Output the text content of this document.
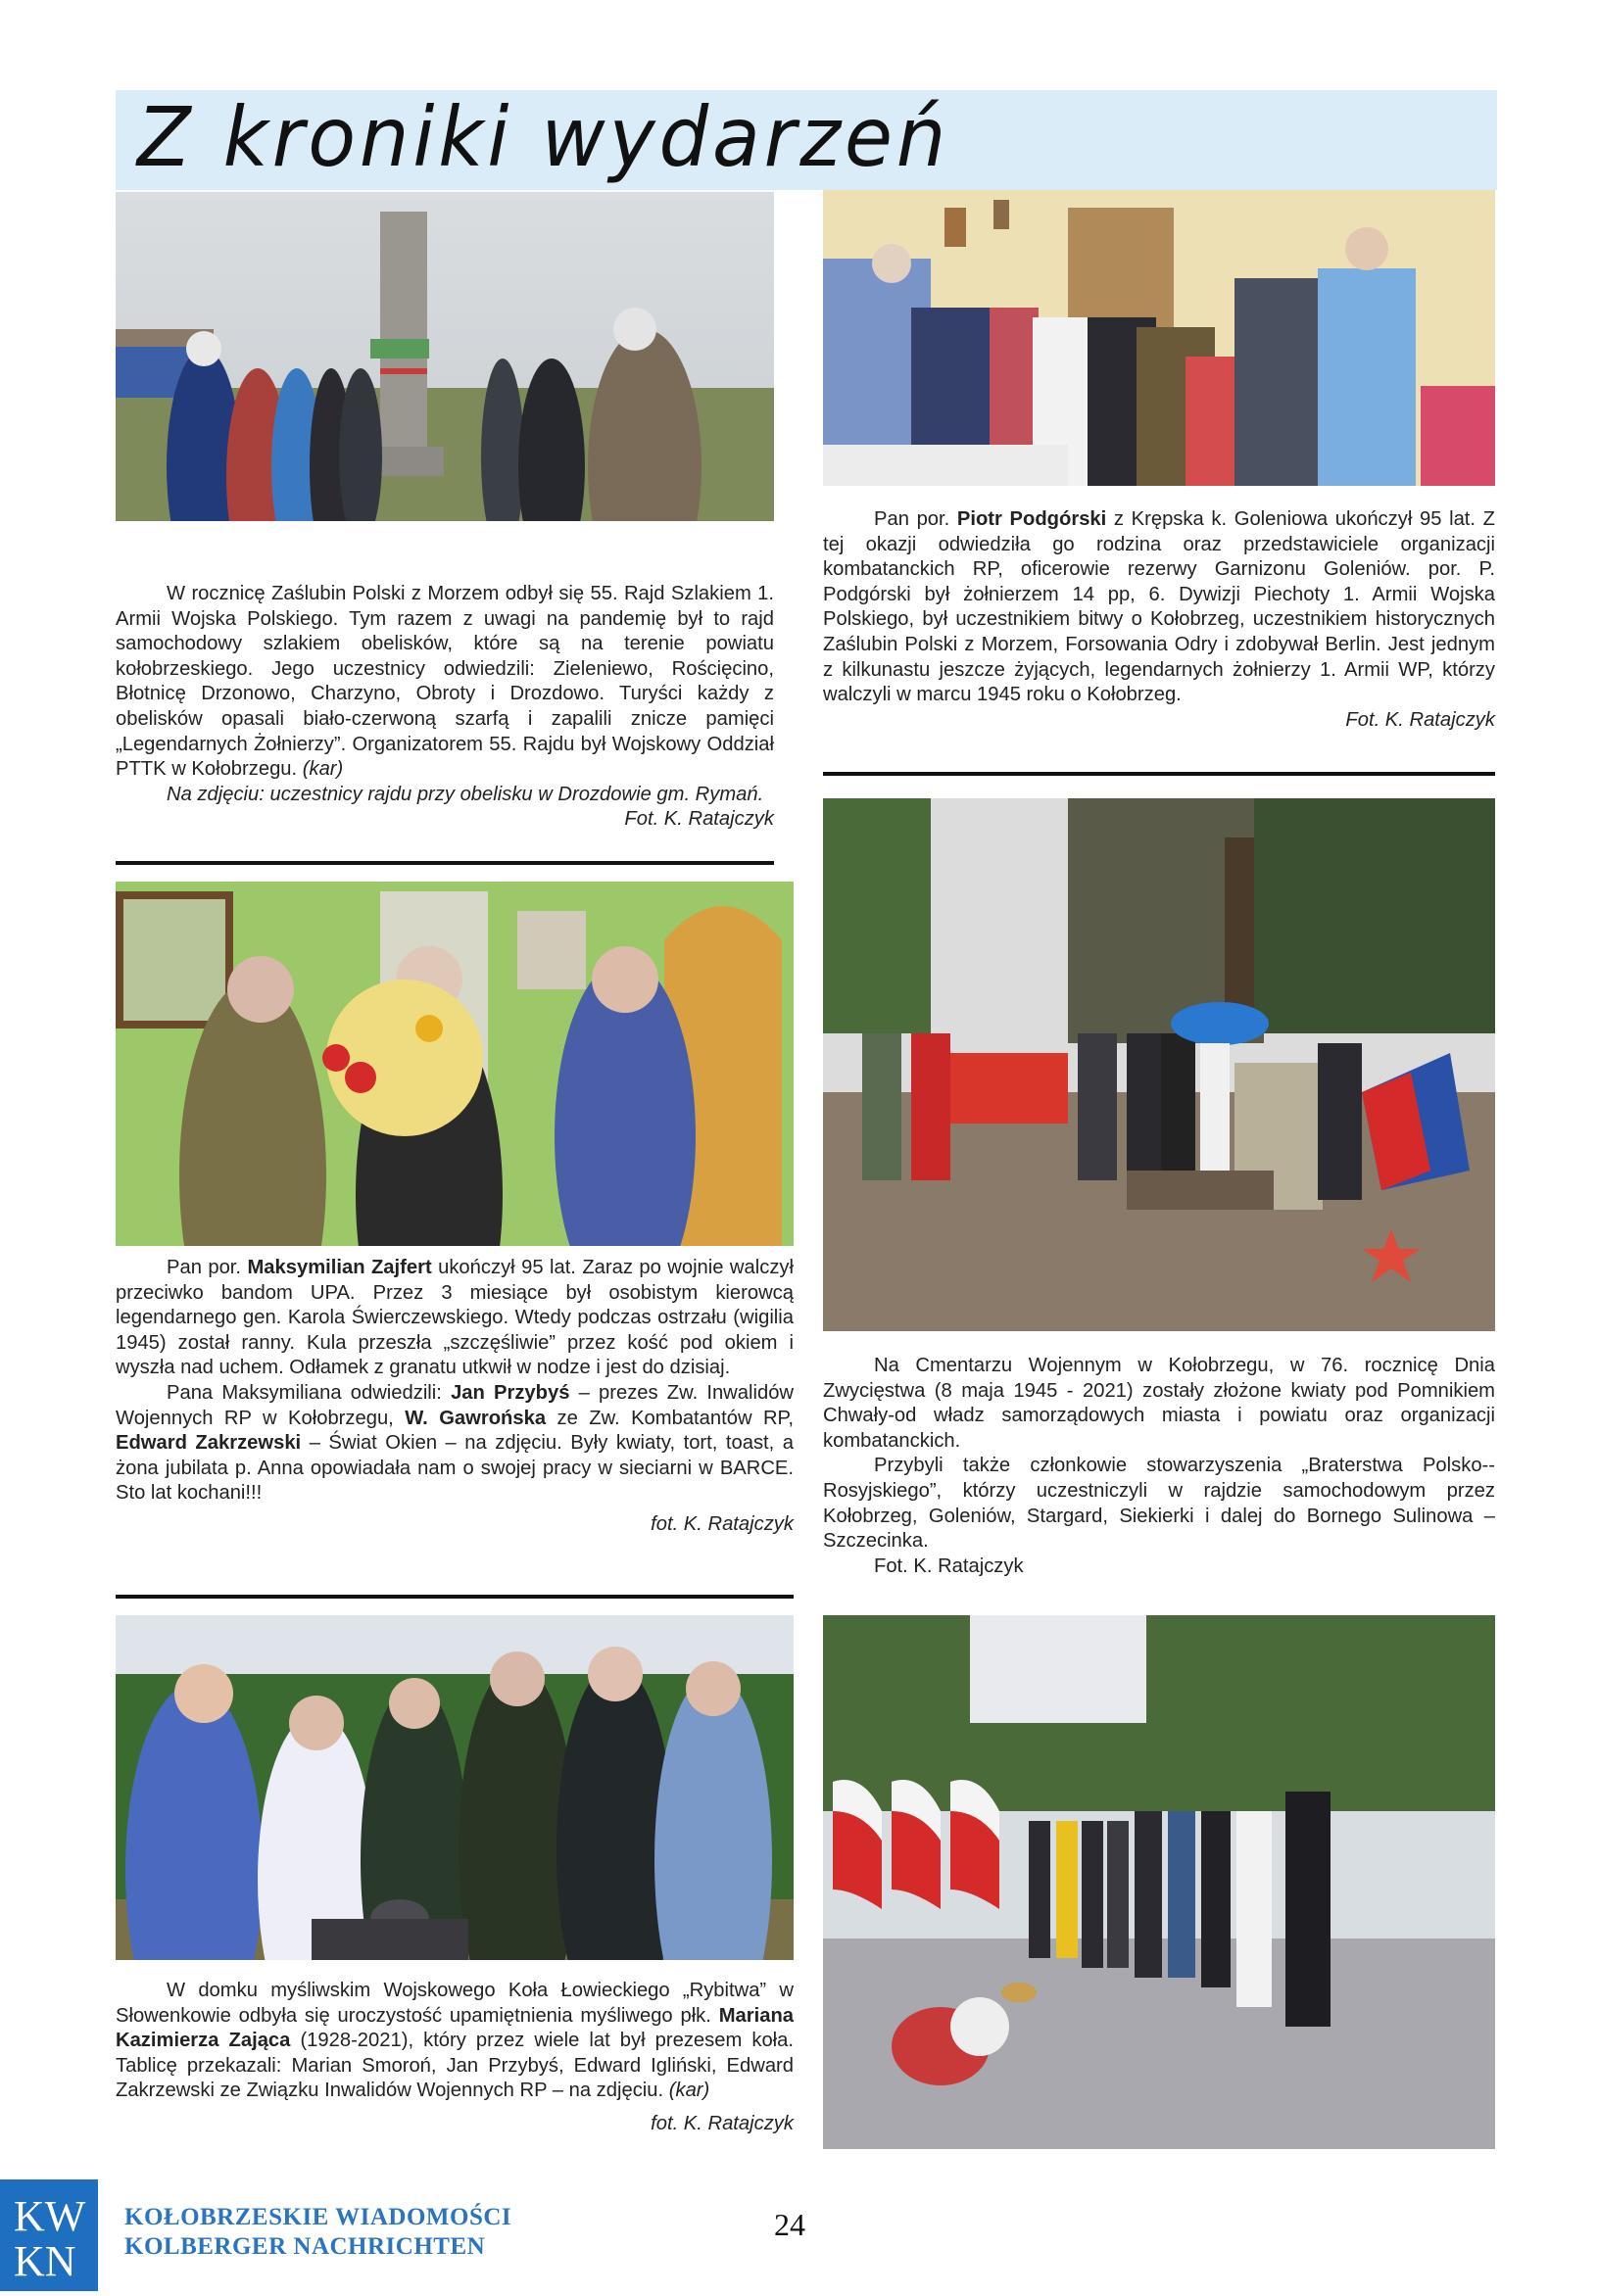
Z kroniki wydarzeń

W rocznicę Zaślubin Polski z Morzem odbył się 55. Rajd Szlakiem 1. Armii Wojska Polskiego. Tym razem z uwagi na pandemię był to rajd samochodowy szlakiem obelisków, które są na terenie powiatu kołobrzeskiego. Jego uczestnicy odwiedzili: Zieleniewo, Rościęcino, Błotnicę Drzonowo, Charzyno, Obroty i Drozdowo. Turyści każdy z obelisków opasali biało-czerwoną szarfą i zapalili znicze pamięci „Legendarnych Żołnierzy”. Organizatorem 55. Rajdu był Wojskowy Oddział PTTK w Kołobrzegu. (kar)

Na zdjęciu: uczestnicy rajdu przy obelisku w Drozdowie gm. Rymań.

Fot. K. Ratajczyk

Pan por. Piotr Podgórski z Krępska k. Goleniowa ukończył 95 lat. Z tej okazji odwiedziła go rodzina oraz przedstawiciele organizacji kombatanckich RP, oficerowie rezerwy Garnizonu Goleniów. por. P. Podgórski był żołnierzem 14 pp, 6. Dywizji Piechoty 1. Armii Wojska Polskiego, był uczestnikiem bitwy o Kołobrzeg, uczestnikiem historycznych Zaślubin Polski z Morzem, Forsowania Odry i zdobywał Berlin. Jest jednym z kilkunastu jeszcze żyjących, legendarnych żołnierzy 1. Armii WP, którzy walczyli w marcu 1945 roku o Kołobrzeg.

Fot. K. Ratajczyk

Pan por. Maksymilian Zajfert ukończył 95 lat. Zaraz po wojnie walczył przeciwko bandom UPA. Przez 3 miesiące był osobistym kierowcą legendarnego gen. Karola Świerczewskiego. Wtedy podczas ostrzału (wigilia 1945) został ranny. Kula przeszła „szczęśliwie” przez kość pod okiem i wyszła nad uchem. Odłamek z granatu utkwił w nodze i jest do dzisiaj.

Pana Maksymiliana odwiedzili: Jan Przybyś – prezes Zw. Inwalidów Wojennych RP w Kołobrzegu, W. Gawrońska ze Zw. Kombatantów RP, Edward Zakrzewski – Świat Okien – na zdjęciu. Były kwiaty, tort, toast, a żona jubilata p. Anna opowiadała nam o swojej pracy w sieciarni w BARCE. Sto lat kochani!!!

fot. K. Ratajczyk

Na Cmentarzu Wojennym w Kołobrzegu, w 76. rocznicę Dnia Zwycięstwa (8 maja 1945 - 2021) zostały złożone kwiaty pod Pomnikiem Chwały-od władz samorządowych miasta i powiatu oraz organizacji kombatanckich.

Przybyli także członkowie stowarzyszenia „Braterstwa Polsko--Rosyjskiego”, którzy uczestniczyli w rajdzie samochodowym przez Kołobrzeg, Goleniów, Stargard, Siekierki i dalej do Bornego Sulinowa – Szczecinka.

Fot. K. Ratajczyk

W domku myśliwskim Wojskowego Koła Łowieckiego „Rybitwa” w Słowenkowie odbyła się uroczystość upamiętnienia myśliwego płk. Mariana Kazimierza Zająca (1928-2021), który przez wiele lat był prezesem koła. Tablicę przekazali: Marian Smoroń, Jan Przybyś, Edward Igliński, Edward Zakrzewski ze Związku Inwalidów Wojennych RP – na zdjęciu. (kar)

fot. K. Ratajczyk
KW
KN
KOŁOBRZESKIE WIADOMOŚCI
KOLBERGER NACHRICHTEN
24
